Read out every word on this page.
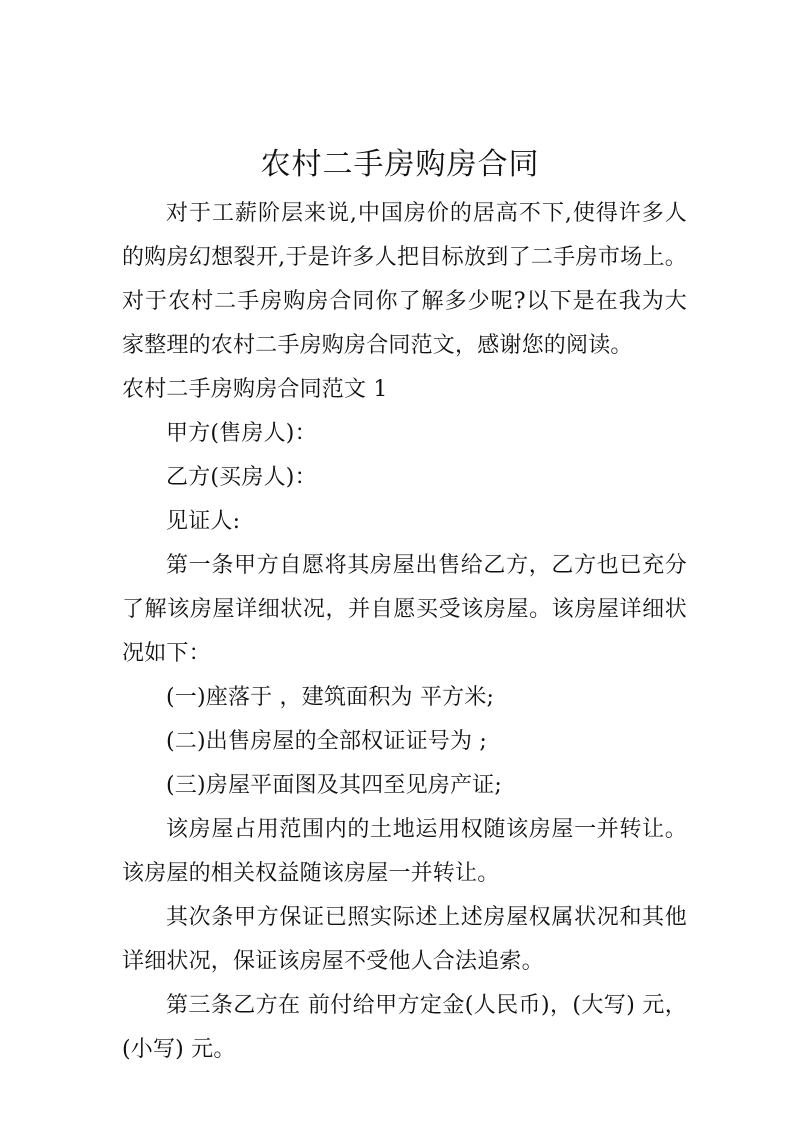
农村二手房购房合同

对于工薪阶层来说,中国房价的居高不下,使得许多人的购房幻想裂开,于是许多人把目标放到了二手房市场上。对于农村二手房购房合同你了解多少呢?以下是在我为大家整理的农村二手房购房合同范文，感谢您的阅读。

农村二手房购房合同范文 1

甲方(售房人)：

乙方(买房人)：

见证人:

第一条甲方自愿将其房屋出售给乙方，乙方也已充分了解该房屋详细状况，并自愿买受该房屋。该房屋详细状况如下：

(一)座落于 ，建筑面积为 平方米;

(二)出售房屋的全部权证证号为 ;

(三)房屋平面图及其四至见房产证;

该房屋占用范围内的土地运用权随该房屋一并转让。该房屋的相关权益随该房屋一并转让。

其次条甲方保证已照实际述上述房屋权属状况和其他详细状况，保证该房屋不受他人合法追索。

第三条乙方在 前付给甲方定金(人民币)，(大写) 元，(小写) 元。
